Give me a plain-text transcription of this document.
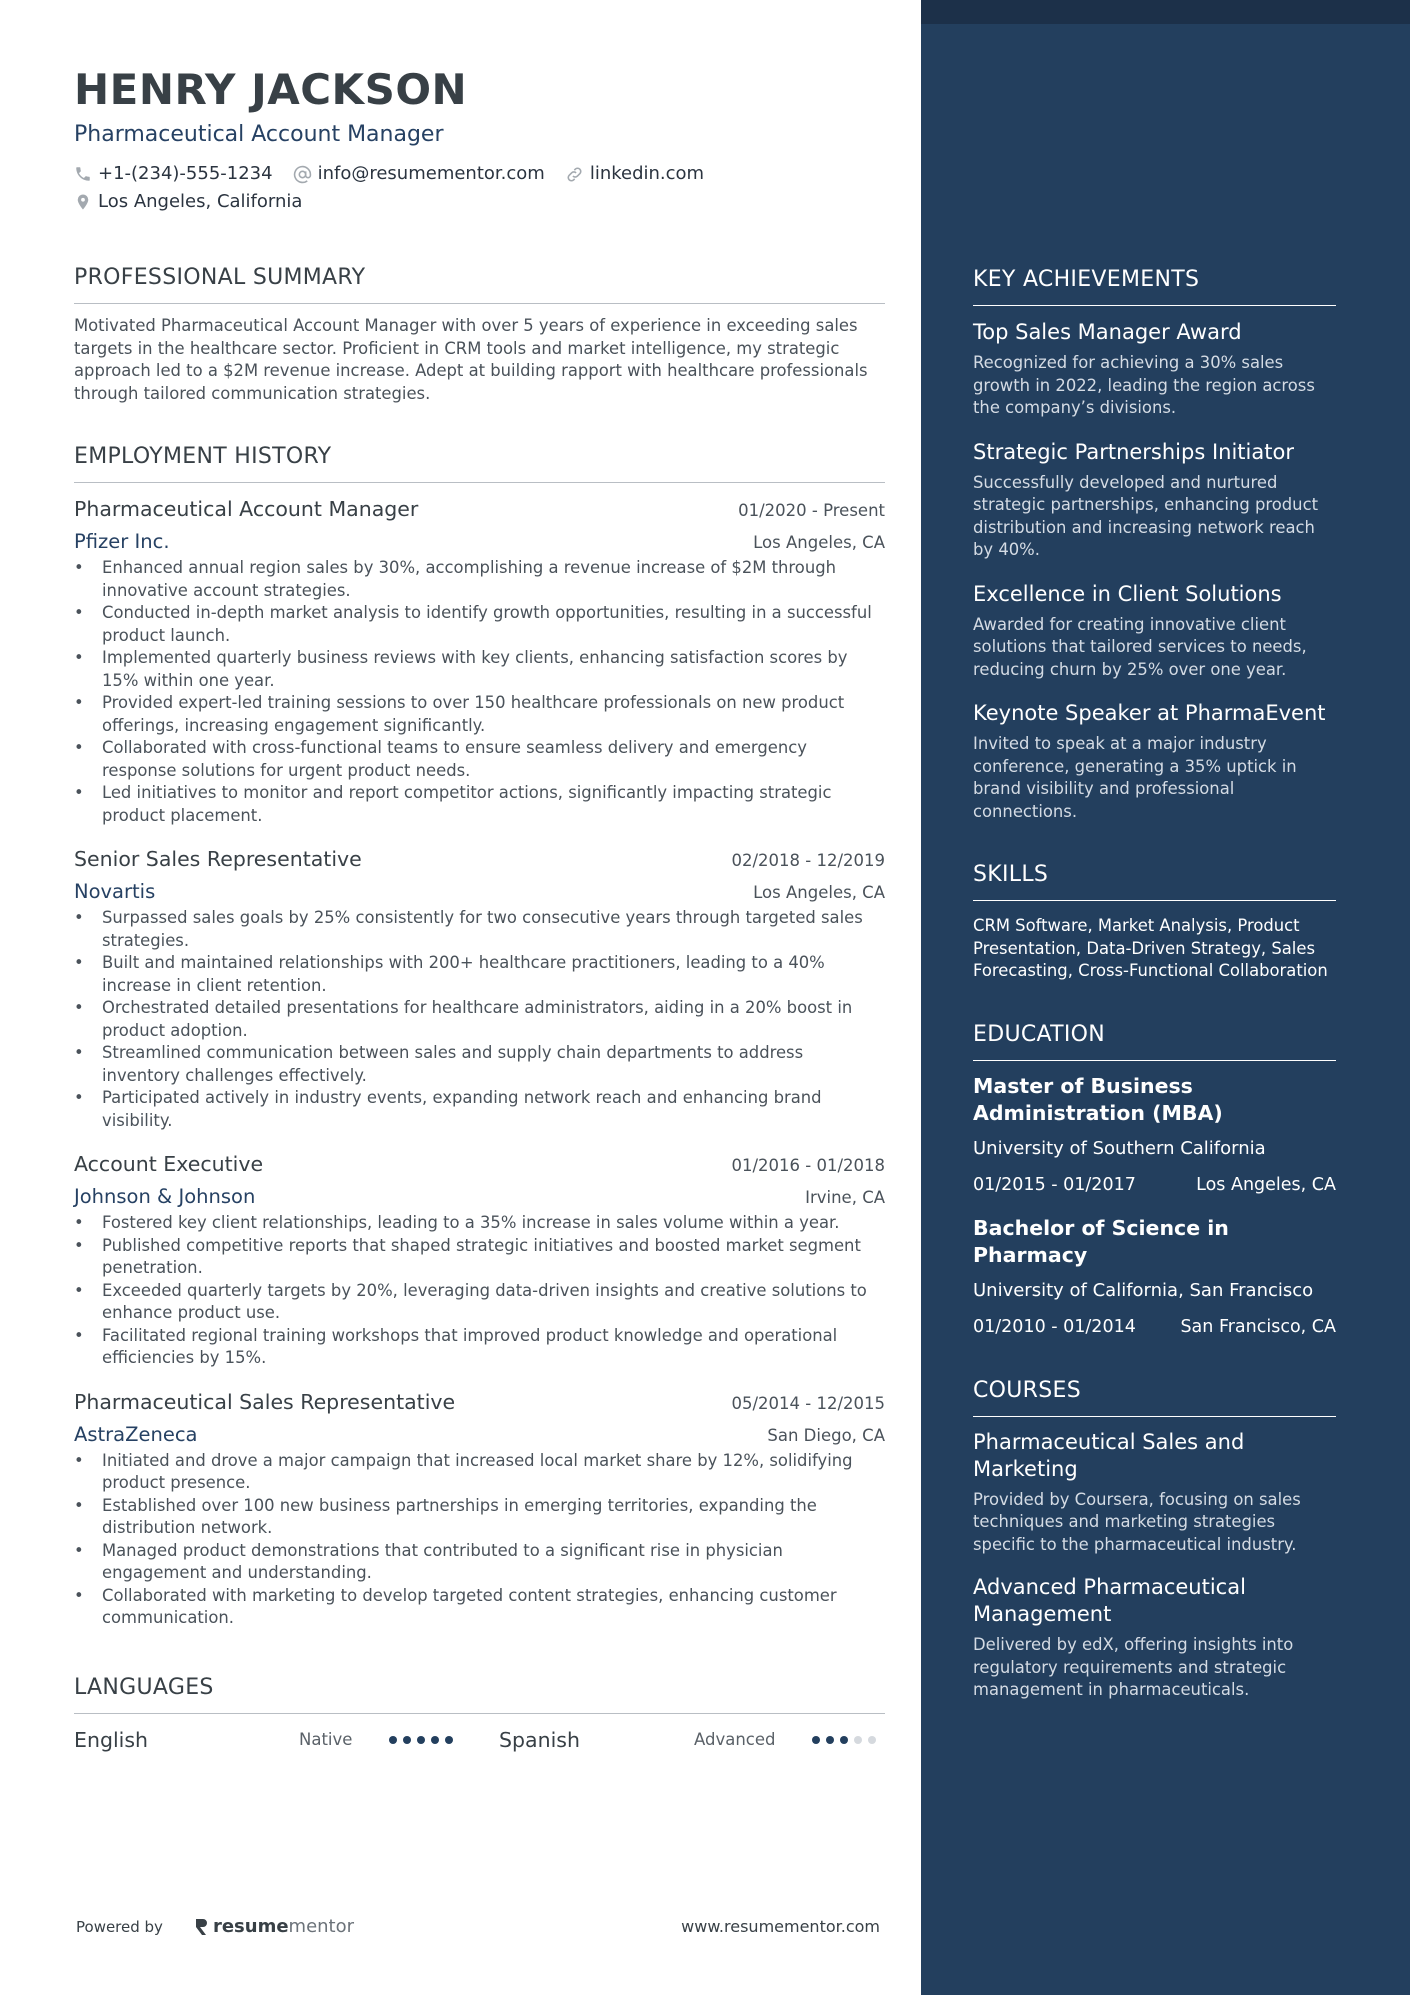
HENRY JACKSON
Pharmaceutical Account Manager
+1-(234)-555-1234	info@resumementor.com	linkedin.com
Los Angeles, California
PROFESSIONAL SUMMARY
Motivated Pharmaceutical Account Manager with over 5 years of experience in exceeding sales targets in the healthcare sector. Proficient in CRM tools and market intelligence, my strategic approach led to a $2M revenue increase. Adept at building rapport with healthcare professionals through tailored communication strategies.
EMPLOYMENT HISTORY
Pharmaceutical Account Manager	01/2020 - Present
Pfizer Inc.	Los Angeles, CA
• Enhanced annual region sales by 30%, accomplishing a revenue increase of $2M through innovative account strategies.
• Conducted in-depth market analysis to identify growth opportunities, resulting in a successful product launch.
• Implemented quarterly business reviews with key clients, enhancing satisfaction scores by 15% within one year.
• Provided expert-led training sessions to over 150 healthcare professionals on new product offerings, increasing engagement significantly.
• Collaborated with cross-functional teams to ensure seamless delivery and emergency response solutions for urgent product needs.
• Led initiatives to monitor and report competitor actions, significantly impacting strategic product placement.
Senior Sales Representative	02/2018 - 12/2019
Novartis	Los Angeles, CA
• Surpassed sales goals by 25% consistently for two consecutive years through targeted sales strategies.
• Built and maintained relationships with 200+ healthcare practitioners, leading to a 40% increase in client retention.
• Orchestrated detailed presentations for healthcare administrators, aiding in a 20% boost in product adoption.
• Streamlined communication between sales and supply chain departments to address inventory challenges effectively.
• Participated actively in industry events, expanding network reach and enhancing brand visibility.
Account Executive	01/2016 - 01/2018
Johnson & Johnson	Irvine, CA
• Fostered key client relationships, leading to a 35% increase in sales volume within a year.
• Published competitive reports that shaped strategic initiatives and boosted market segment penetration.
• Exceeded quarterly targets by 20%, leveraging data-driven insights and creative solutions to enhance product use.
• Facilitated regional training workshops that improved product knowledge and operational efficiencies by 15%.
Pharmaceutical Sales Representative	05/2014 - 12/2015
AstraZeneca	San Diego, CA
• Initiated and drove a major campaign that increased local market share by 12%, solidifying product presence.
• Established over 100 new business partnerships in emerging territories, expanding the distribution network.
• Managed product demonstrations that contributed to a significant rise in physician engagement and understanding.
• Collaborated with marketing to develop targeted content strategies, enhancing customer communication.
LANGUAGES
English	Native	Spanish	Advanced
Powered by	resume mentor	www.resumementor.com
KEY ACHIEVEMENTS
Top Sales Manager Award
Recognized for achieving a 30% sales growth in 2022, leading the region across the company’s divisions.
Strategic Partnerships Initiator
Successfully developed and nurtured strategic partnerships, enhancing product distribution and increasing network reach by 40%.
Excellence in Client Solutions
Awarded for creating innovative client solutions that tailored services to needs, reducing churn by 25% over one year.
Keynote Speaker at PharmaEvent
Invited to speak at a major industry conference, generating a 35% uptick in brand visibility and professional connections.
SKILLS
CRM Software, Market Analysis, Product Presentation, Data-Driven Strategy, Sales Forecasting, Cross-Functional Collaboration
EDUCATION
Master of Business Administration (MBA)
University of Southern California
01/2015 - 01/2017	Los Angeles, CA
Bachelor of Science in Pharmacy
University of California, San Francisco
01/2010 - 01/2014	San Francisco, CA
COURSES
Pharmaceutical Sales and Marketing
Provided by Coursera, focusing on sales techniques and marketing strategies specific to the pharmaceutical industry.
Advanced Pharmaceutical Management
Delivered by edX, offering insights into regulatory requirements and strategic management in pharmaceuticals.
